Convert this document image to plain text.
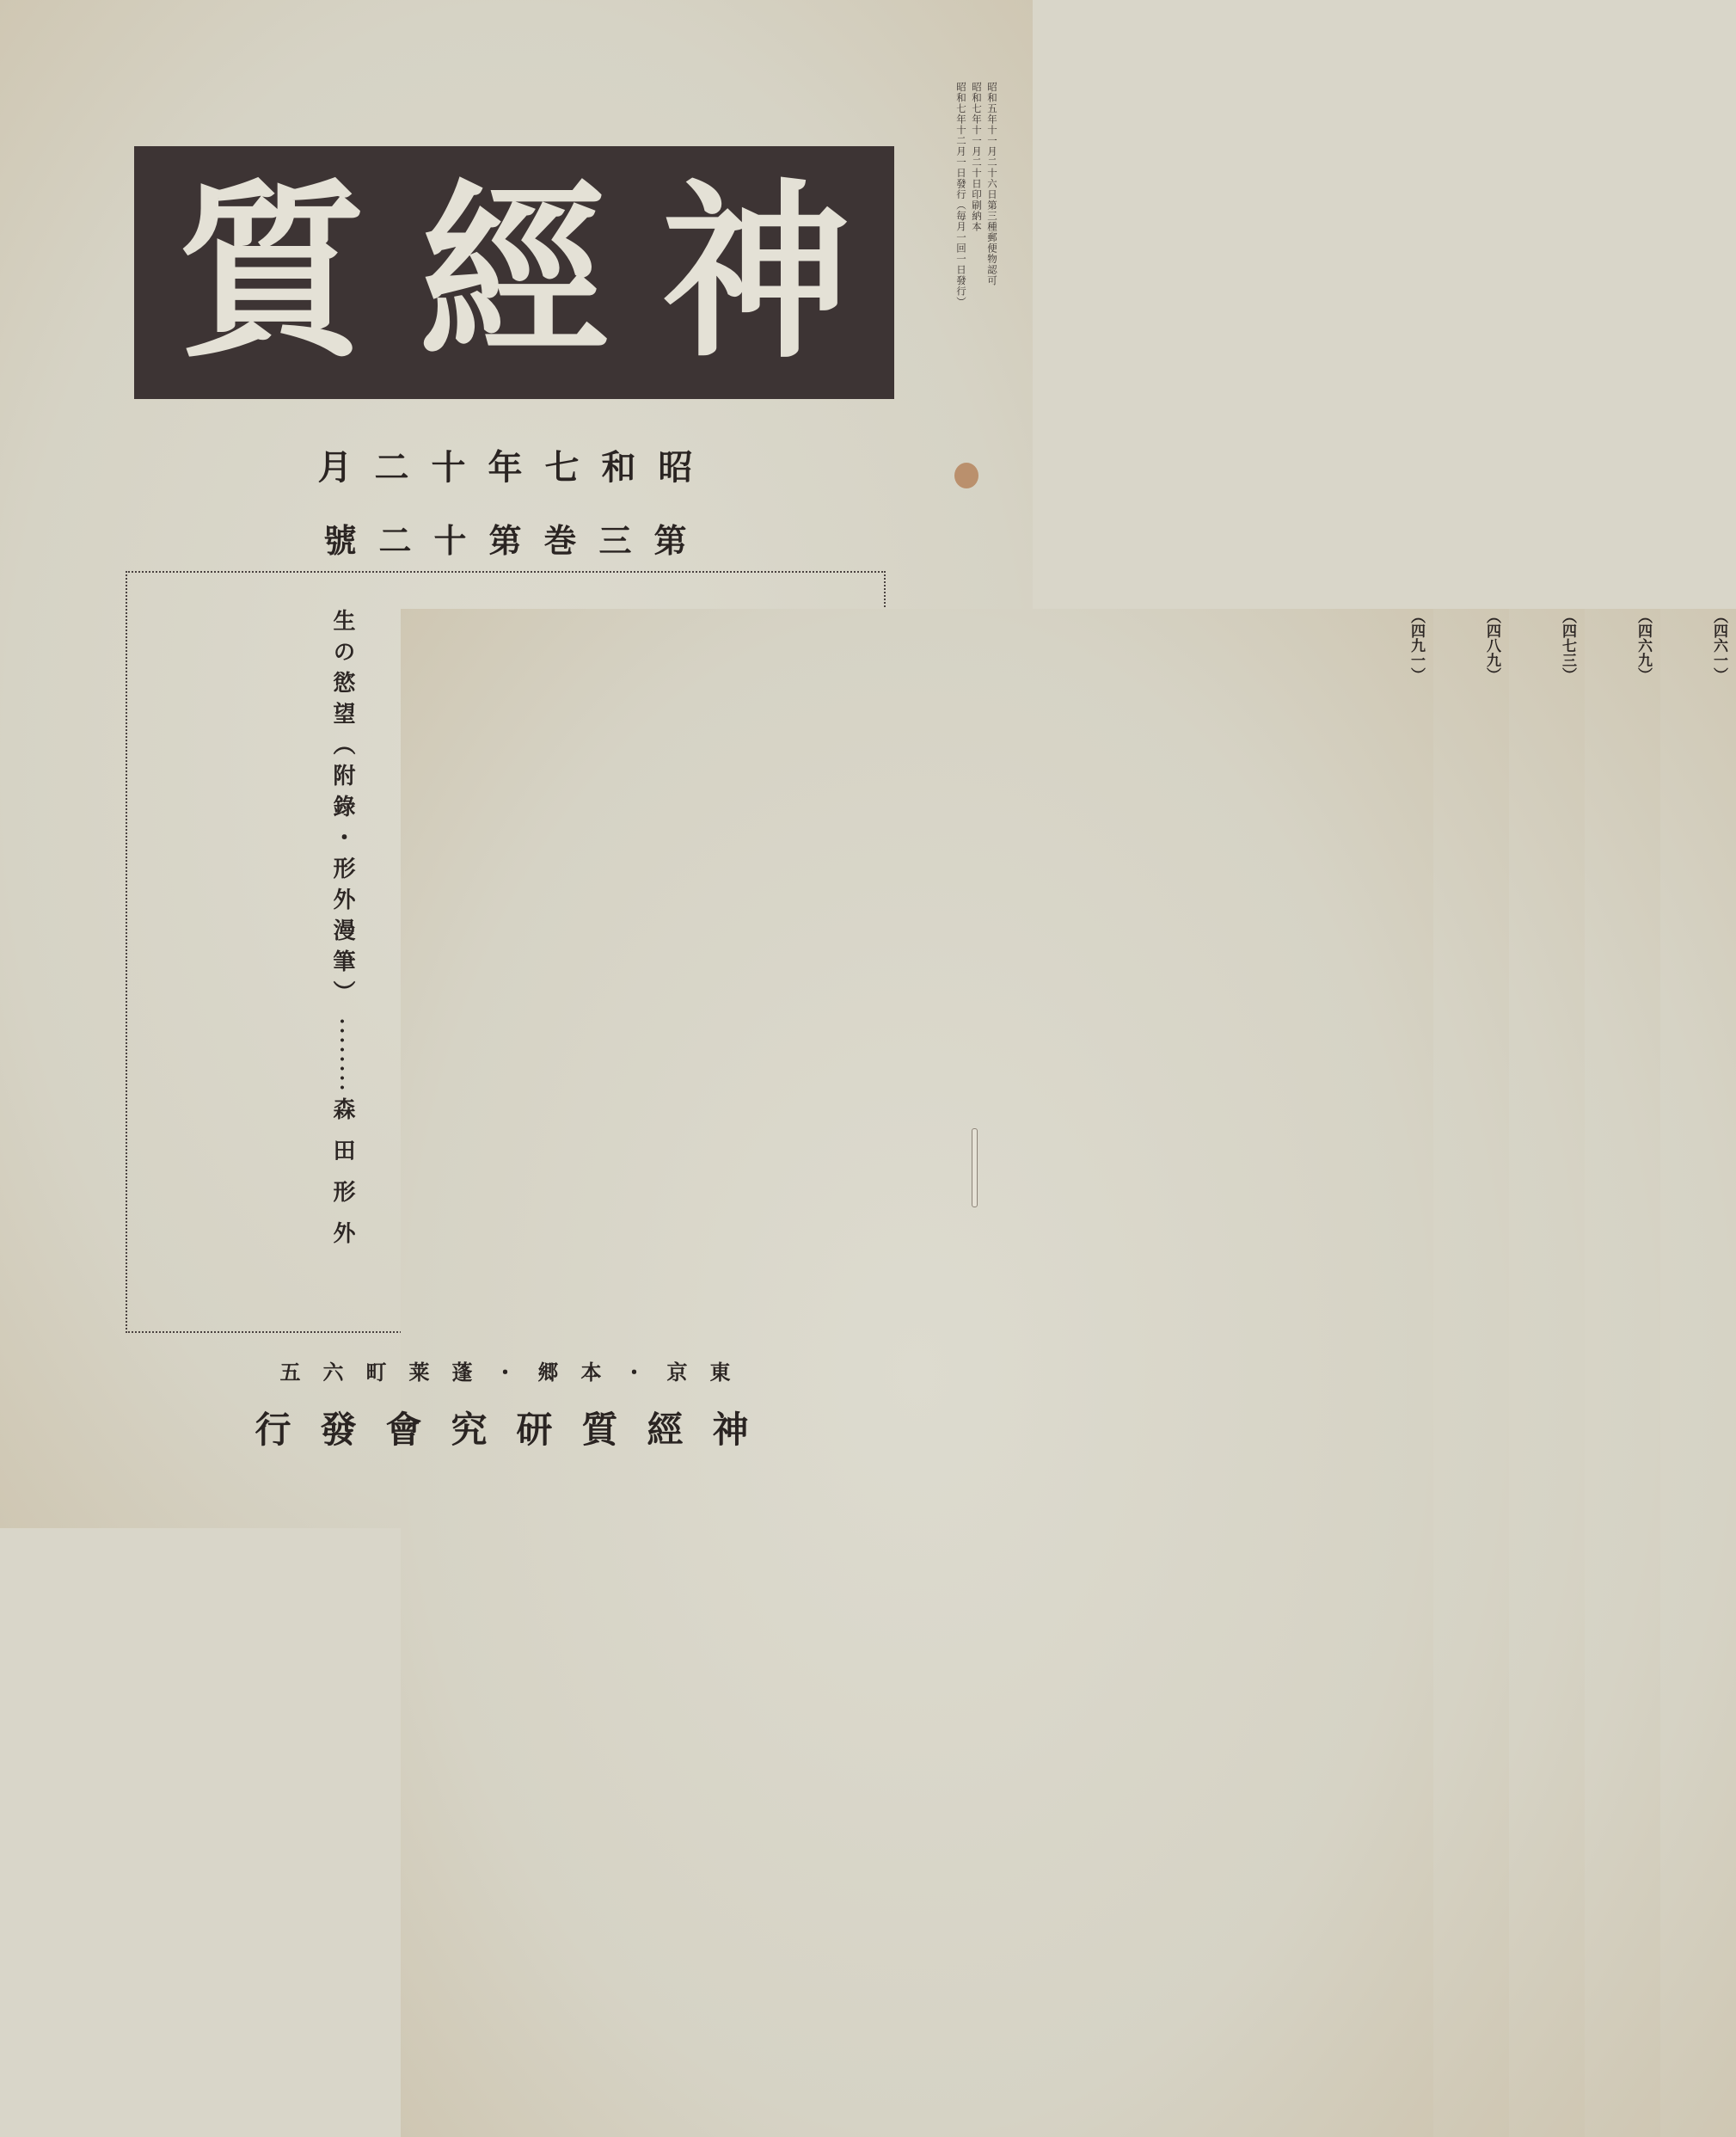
昭和五年十一月二十六日第三種郵便物認可
昭和七年十一月二十日印刷納本
昭和七年十二月一日發行（毎月一回一日發行）
質 經 神
昭和七年十二月
第三巻第十二號
（四六一）
（四六九）
（四七三）
（四八九）
（四九一）
生の慾望（附錄・形外漫筆）
森田形外
東京・本郷・蓬莱町六五
神經質研究會發行
